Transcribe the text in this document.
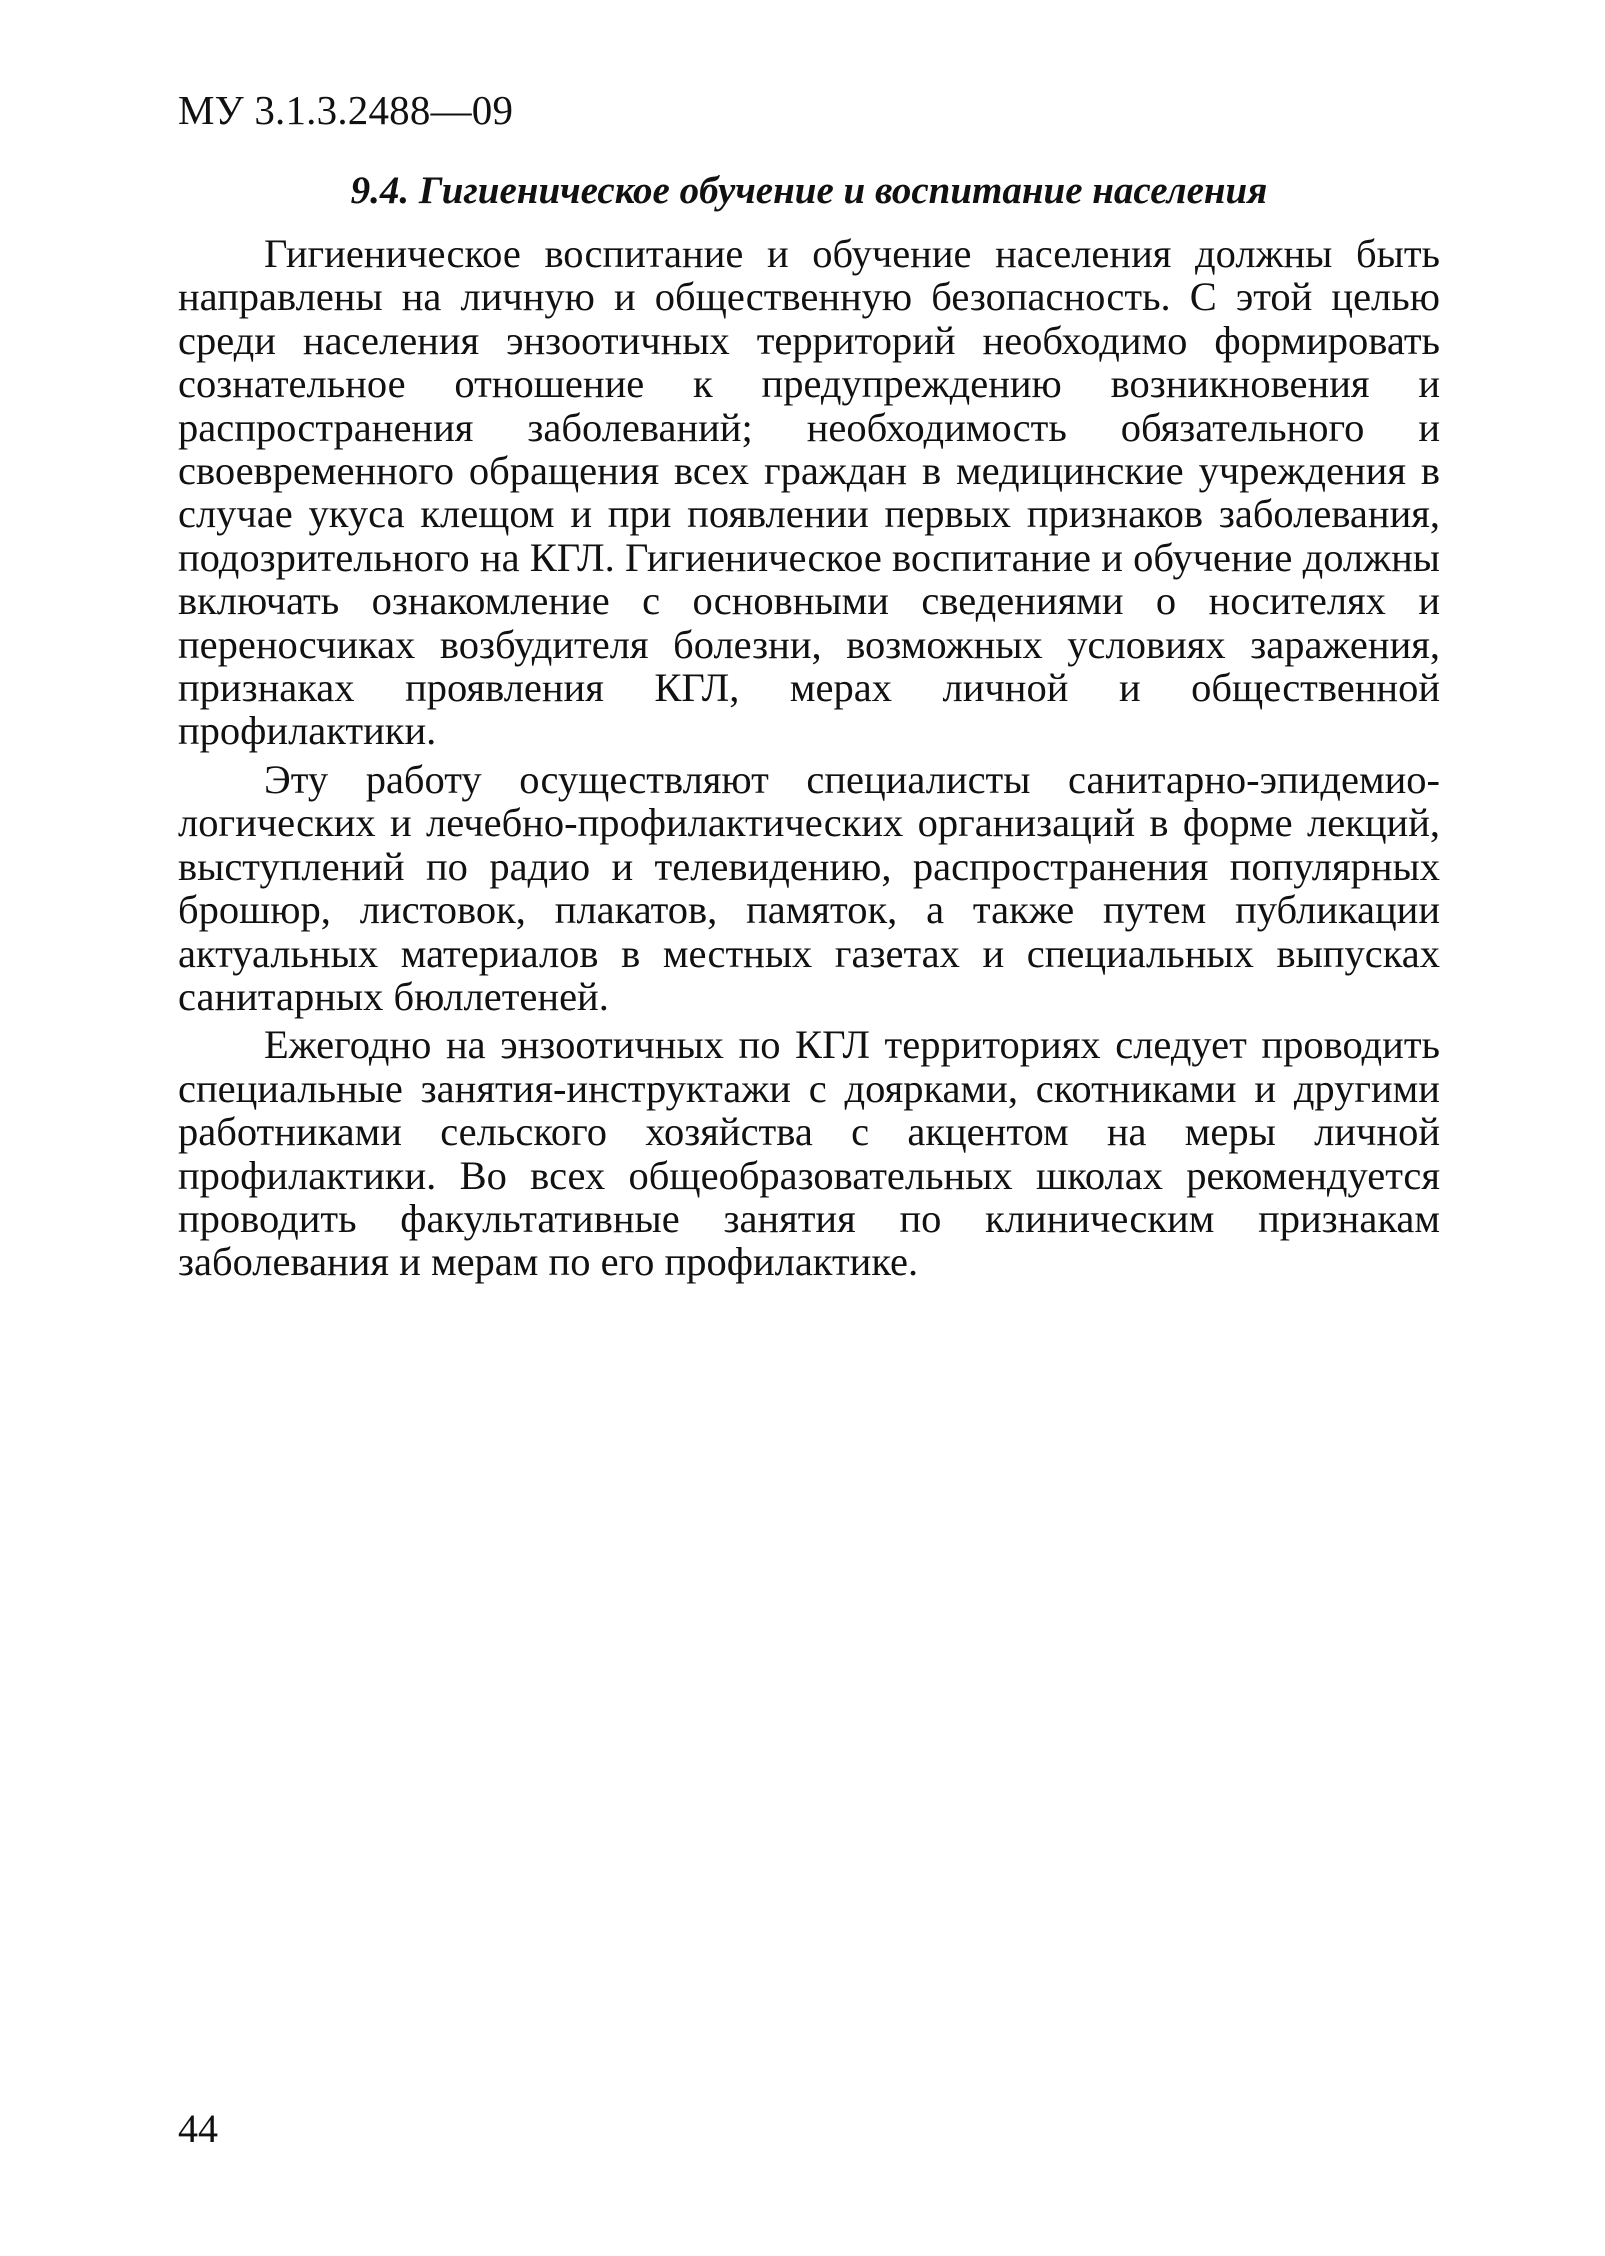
МУ 3.1.3.2488—09
9.4. Гигиеническое обучение и воспитание населения

Гигиеническое воспитание и обучение населения должны быть направлены на личную и общественную безопасность. С этой целью среди населения энзоотичных территорий необходимо формировать сознательное отношение к предупреждению возникновения и распространения заболеваний; необходимость обязательного и своевременного обращения всех граждан в медицинские учреждения в случае укуса клещом и при появлении первых признаков заболевания, подозрительного на КГЛ. Гигиеническое воспитание и обучение должны включать ознакомление с основными сведениями о носителях и переносчиках возбудителя болезни, возможных условиях заражения, признаках проявления КГЛ, мерах личной и общественной профилактики.

Эту работу осуществляют специалисты санитарно-эпидемиологических и лечебно-профилактических организаций в форме лекций, выступлений по радио и телевидению, распространения популярных брошюр, листовок, плакатов, памяток, а также путем публикации актуальных материалов в местных газетах и специальных выпусках санитарных бюллетеней.

Ежегодно на энзоотичных по КГЛ территориях следует проводить специальные занятия-инструктажи с доярками, скотниками и другими работниками сельского хозяйства с акцентом на меры личной профилактики. Во всех общеобразовательных школах рекомендуется проводить факультативные занятия по клиническим признакам заболевания и мерам по его профилактике.

44
